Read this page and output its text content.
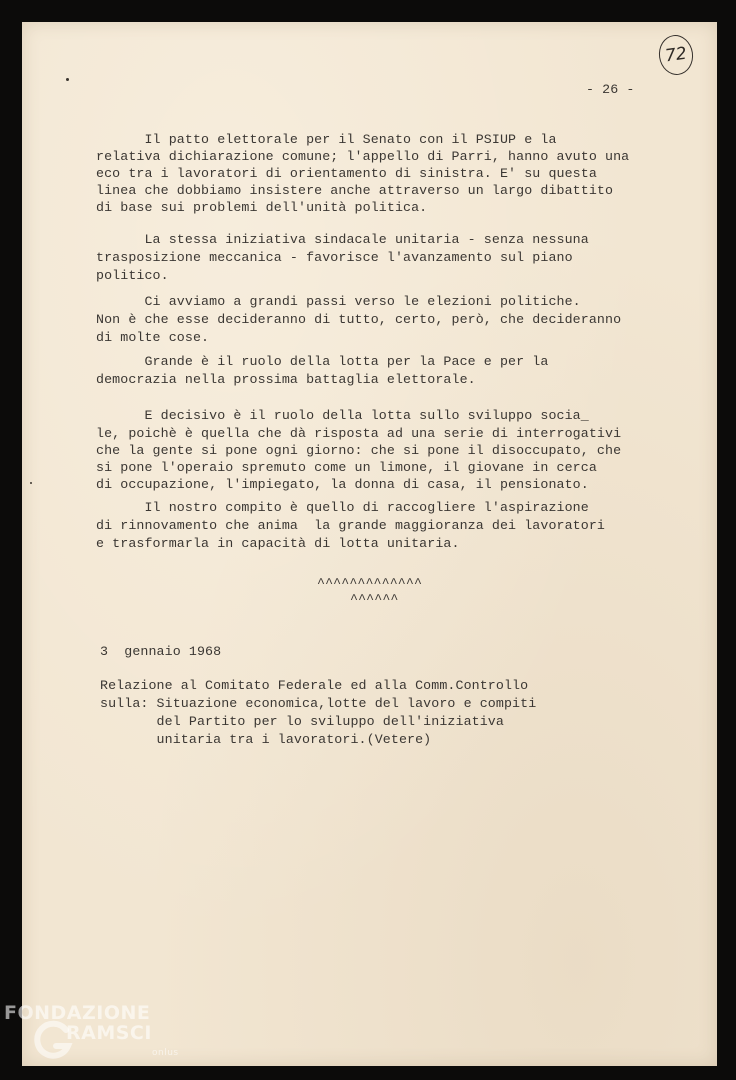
72
- 26 -
Il patto elettorale per il Senato con il PSIUP e la
relativa dichiarazione comune; l'appello di Parri, hanno avuto una
eco tra i lavoratori di orientamento di sinistra. E' su questa
linea che dobbiamo insistere anche attraverso un largo dibattito
di base sui problemi dell'unità politica.
La stessa iniziativa sindacale unitaria - senza nessuna
trasposizione meccanica - favorisce l'avanzamento sul piano
politico.
Ci avviamo a grandi passi verso le elezioni politiche.
Non è che esse decideranno di tutto, certo, però, che decideranno
di molte cose.
Grande è il ruolo della lotta per la Pace e per la
democrazia nella prossima battaglia elettorale.
E decisivo è il ruolo della lotta sullo sviluppo socia_
le, poichè è quella che dà risposta ad una serie di interrogativi
che la gente si pone ogni giorno: che si pone il disoccupato, che
si pone l'operaio spremuto come un limone, il giovane in cerca
di occupazione, l'impiegato, la donna di casa, il pensionato.
Il nostro compito è quello di raccogliere l'aspirazione
di rinnovamento che anima  la grande maggioranza dei lavoratori
e trasformarla in capacità di lotta unitaria.
^^^^^^^^^^^^^
^^^^^^
3  gennaio 1968
Relazione al Comitato Federale ed alla Comm.Controllo
sulla: Situazione economica,lotte del lavoro e compiti
del Partito per lo sviluppo dell'iniziativa
unitaria tra i lavoratori.(Vetere)
FONDAZIONE
RAMSCI
onlus
